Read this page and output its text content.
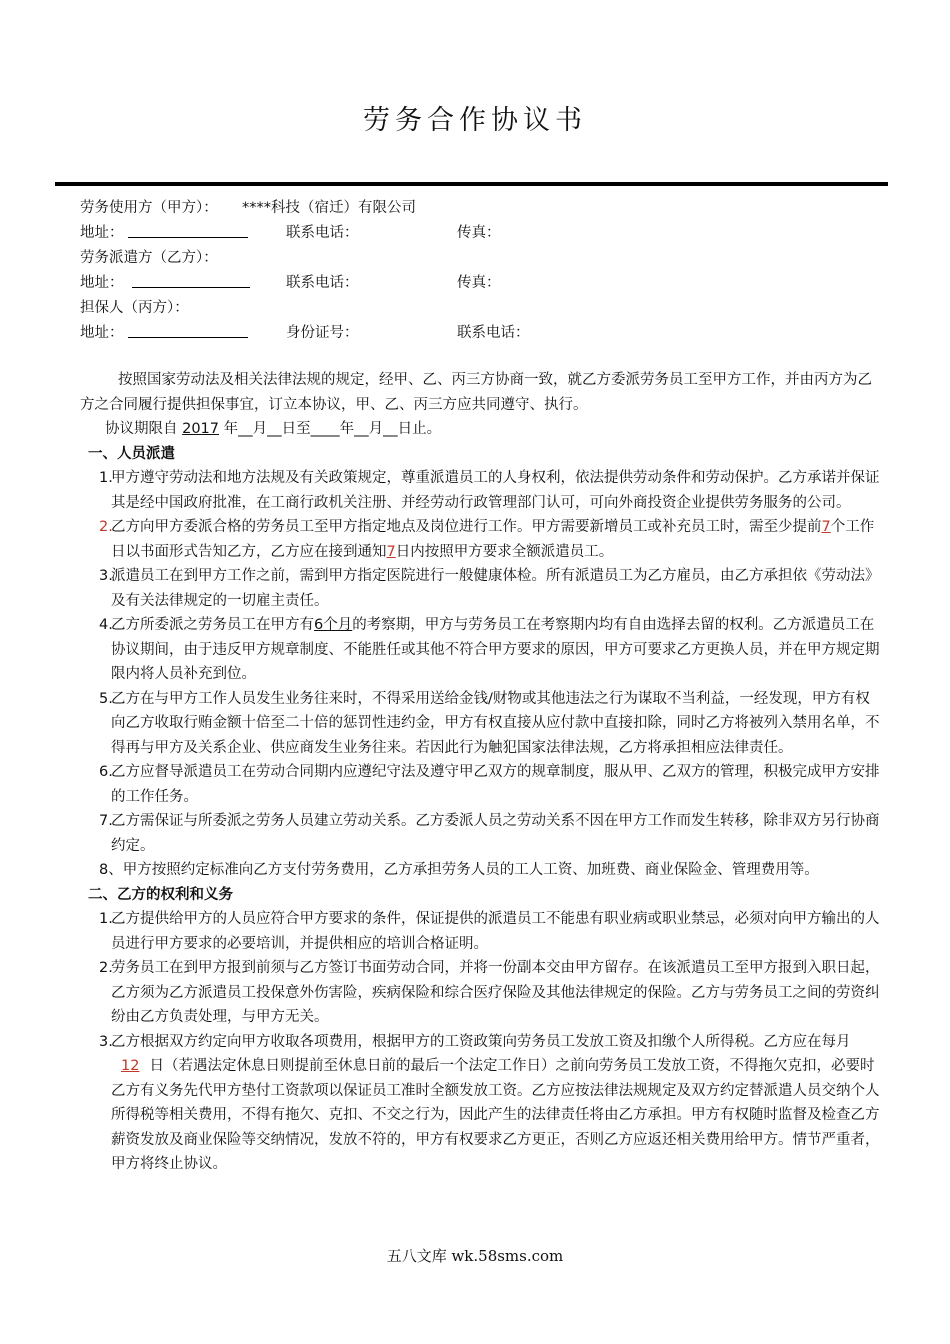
劳务合作协议书
劳务使用方（甲方）： ****科技（宿迁）有限公司
地址：	联系电话：	传真：
劳务派遣方（乙方）：
地址：	联系电话：	传真：
担保人（丙方）：
地址：	身份证号：	联系电话：

按照国家劳动法及相关法律法规的规定，经甲、乙、丙三方协商一致，就乙方委派劳务员工至甲方工作，并由丙方为乙方之合同履行提供担保事宜，订立本协议，甲、乙、丙三方应共同遵守、执行。

协议期限自 2017 年__月__日至____年__月__日止。

一、人员派遣

1.
甲方遵守劳动法和地方法规及有关政策规定，尊重派遣员工的人身权利，依法提供劳动条件和劳动保护。乙方承诺并保证其是经中国政府批准，在工商行政机关注册、并经劳动行政管理部门认可，可向外商投资企业提供劳务服务的公司。

2.
乙方向甲方委派合格的劳务员工至甲方指定地点及岗位进行工作。甲方需要新增员工或补充员工时，需至少提前7个工作日以书面形式告知乙方，乙方应在接到通知7日内按照甲方要求全额派遣员工。

3.
派遣员工在到甲方工作之前，需到甲方指定医院进行一般健康体检。所有派遣员工为乙方雇员，由乙方承担依《劳动法》及有关法律规定的一切雇主责任。

4.
乙方所委派之劳务员工在甲方有6个月的考察期，甲方与劳务员工在考察期内均有自由选择去留的权利。乙方派遣员工在协议期间，由于违反甲方规章制度、不能胜任或其他不符合甲方要求的原因，甲方可要求乙方更换人员，并在甲方规定期限内将人员补充到位。

5.
乙方在与甲方工作人员发生业务往来时，不得采用送给金钱/财物或其他违法之行为谋取不当利益，一经发现，甲方有权向乙方收取行贿金额十倍至二十倍的惩罚性违约金，甲方有权直接从应付款中直接扣除，同时乙方将被列入禁用名单，不得再与甲方及关系企业、供应商发生业务往来。若因此行为触犯国家法律法规，乙方将承担相应法律责任。

6.
乙方应督导派遣员工在劳动合同期内应遵纪守法及遵守甲乙双方的规章制度，服从甲、乙双方的管理，积极完成甲方安排的工作任务。

7.
乙方需保证与所委派之劳务人员建立劳动关系。乙方委派人员之劳动关系不因在甲方工作而发生转移，除非双方另行协商约定。

8、甲方按照约定标准向乙方支付劳务费用，乙方承担劳务人员的工人工资、加班费、商业保险金、管理费用等。

二、乙方的权利和义务

1.
乙方提供给甲方的人员应符合甲方要求的条件，保证提供的派遣员工不能患有职业病或职业禁忌，必须对向甲方输出的人员进行甲方要求的必要培训，并提供相应的培训合格证明。

2.
劳务员工在到甲方报到前须与乙方签订书面劳动合同，并将一份副本交由甲方留存。在该派遣员工至甲方报到入职日起，乙方须为乙方派遣员工投保意外伤害险，疾病保险和综合医疗保险及其他法律规定的保险。乙方与劳务员工之间的劳资纠纷由乙方负责处理，与甲方无关。

3.
乙方根据双方约定向甲方收取各项费用，根据甲方的工资政策向劳务员工发放工资及扣缴个人所得税。乙方应在每月12 日（若遇法定休息日则提前至休息日前的最后一个法定工作日）之前向劳务员工发放工资，不得拖欠克扣，必要时乙方有义务先代甲方垫付工资款项以保证员工准时全额发放工资。乙方应按法律法规规定及双方约定替派遣人员交纳个人所得税等相关费用，不得有拖欠、克扣、不交之行为，因此产生的法律责任将由乙方承担。甲方有权随时监督及检查乙方薪资发放及商业保险等交纳情况，发放不符的，甲方有权要求乙方更正，否则乙方应返还相关费用给甲方。情节严重者，甲方将终止协议。

五八文库 wk.58sms.com
